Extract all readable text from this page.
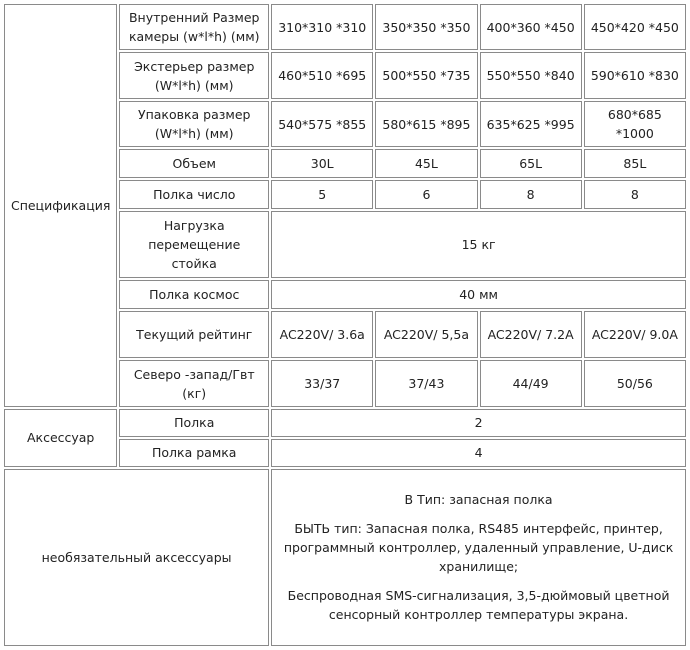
Спецификация	Внутренний Размер камеры (w*l*h) (мм)	310*310 *310	350*350 *350	400*360 *450	450*420 *450
	Экстерьер размер (W*l*h) (мм)	460*510 *695	500*550 *735	550*550 *840	590*610 *830
	Упаковка размер (W*l*h) (мм)	540*575 *855	580*615 *895	635*625 *995	680*685 *1000
	Объем	30L	45L	65L	85L
	Полка число	5	6	8	8
	Нагрузка перемещение стойка	15 кг			
	Полка космос	40 мм			
	Текущий рейтинг	AC220V/ 3.6a	AC220V/ 5,5a	AC220V/ 7.2A	AC220V/ 9.0A
	Северо -запад/Гвт (кг)	33/37	37/43	44/49	50/56
Аксессуар	Полка	2			
	Полка рамка	4			
необязательный аксессуары		В Тип: запасная полка

БЫТЬ тип: Запасная полка, RS485 интерфейс, принтер, программный контроллер, удаленный управление, U-диск хранилище;

Беспроводная SMS-сигнализация, 3,5-дюймовый цветной сенсорный контроллер температуры экрана.			
